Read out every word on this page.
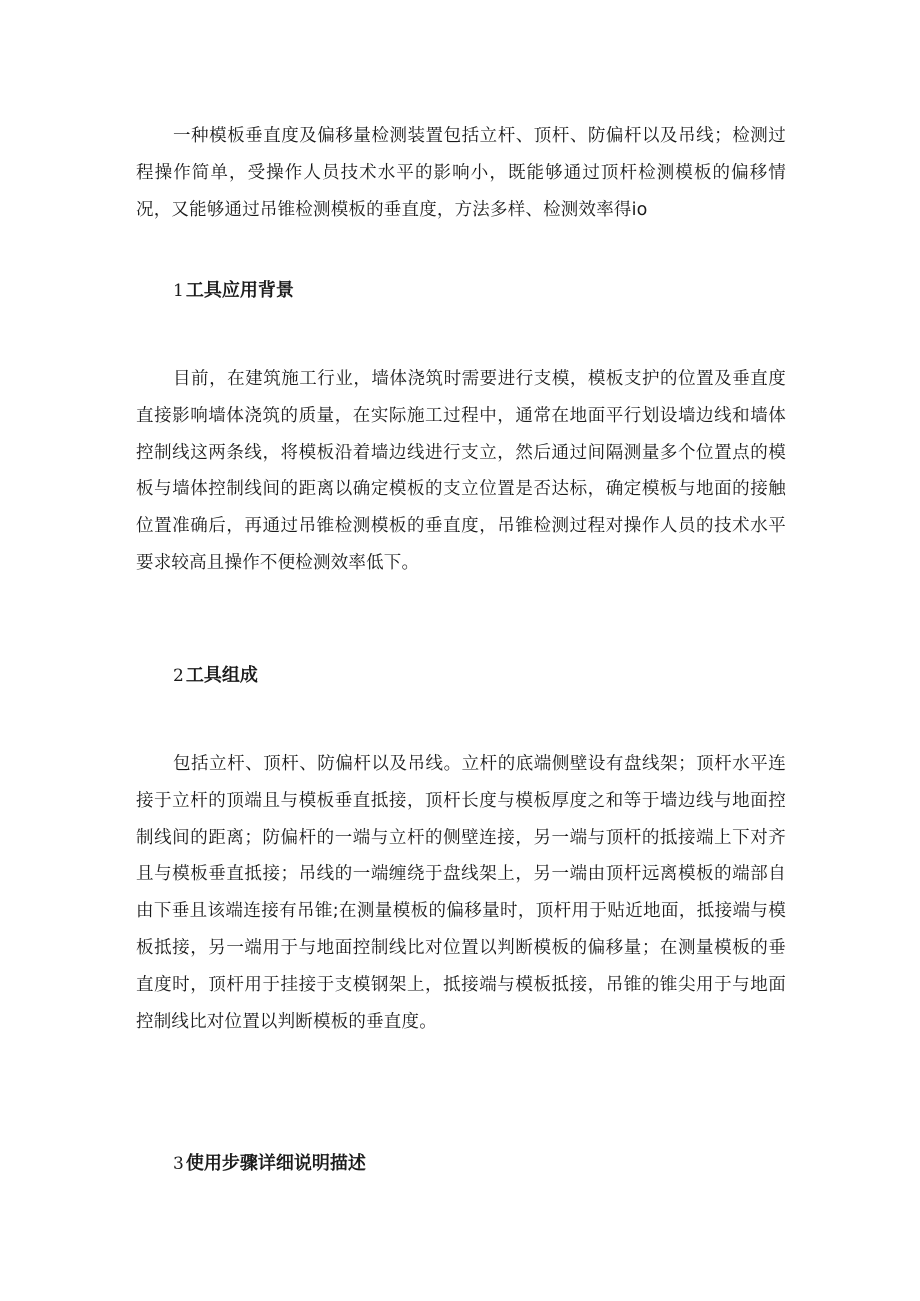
一种模板垂直度及偏移量检测装置包括立杆、顶杆、防偏杆以及吊线；检测过程操作简单，受操作人员技术水平的影响小，既能够通过顶杆检测模板的偏移情况，又能够通过吊锥检测模板的垂直度，方法多样、检测效率得io

1 工具应用背景

目前，在建筑施工行业，墙体浇筑时需要进行支模，模板支护的位置及垂直度直接影响墙体浇筑的质量，在实际施工过程中，通常在地面平行划设墙边线和墙体控制线这两条线，将模板沿着墙边线进行支立，然后通过间隔测量多个位置点的模板与墙体控制线间的距离以确定模板的支立位置是否达标，确定模板与地面的接触位置准确后，再通过吊锥检测模板的垂直度，吊锥检测过程对操作人员的技术水平要求较高且操作不便检测效率低下。

2 工具组成

包括立杆、顶杆、防偏杆以及吊线。立杆的底端侧壁设有盘线架；顶杆水平连接于立杆的顶端且与模板垂直抵接，顶杆长度与模板厚度之和等于墙边线与地面控制线间的距离；防偏杆的一端与立杆的侧壁连接，另一端与顶杆的抵接端上下对齐且与模板垂直抵接；吊线的一端缠绕于盘线架上，另一端由顶杆远离模板的端部自由下垂且该端连接有吊锥;在测量模板的偏移量时，顶杆用于贴近地面，抵接端与模板抵接，另一端用于与地面控制线比对位置以判断模板的偏移量；在测量模板的垂直度时，顶杆用于挂接于支模钢架上，抵接端与模板抵接，吊锥的锥尖用于与地面控制线比对位置以判断模板的垂直度。

3 使用步骤详细说明描述
